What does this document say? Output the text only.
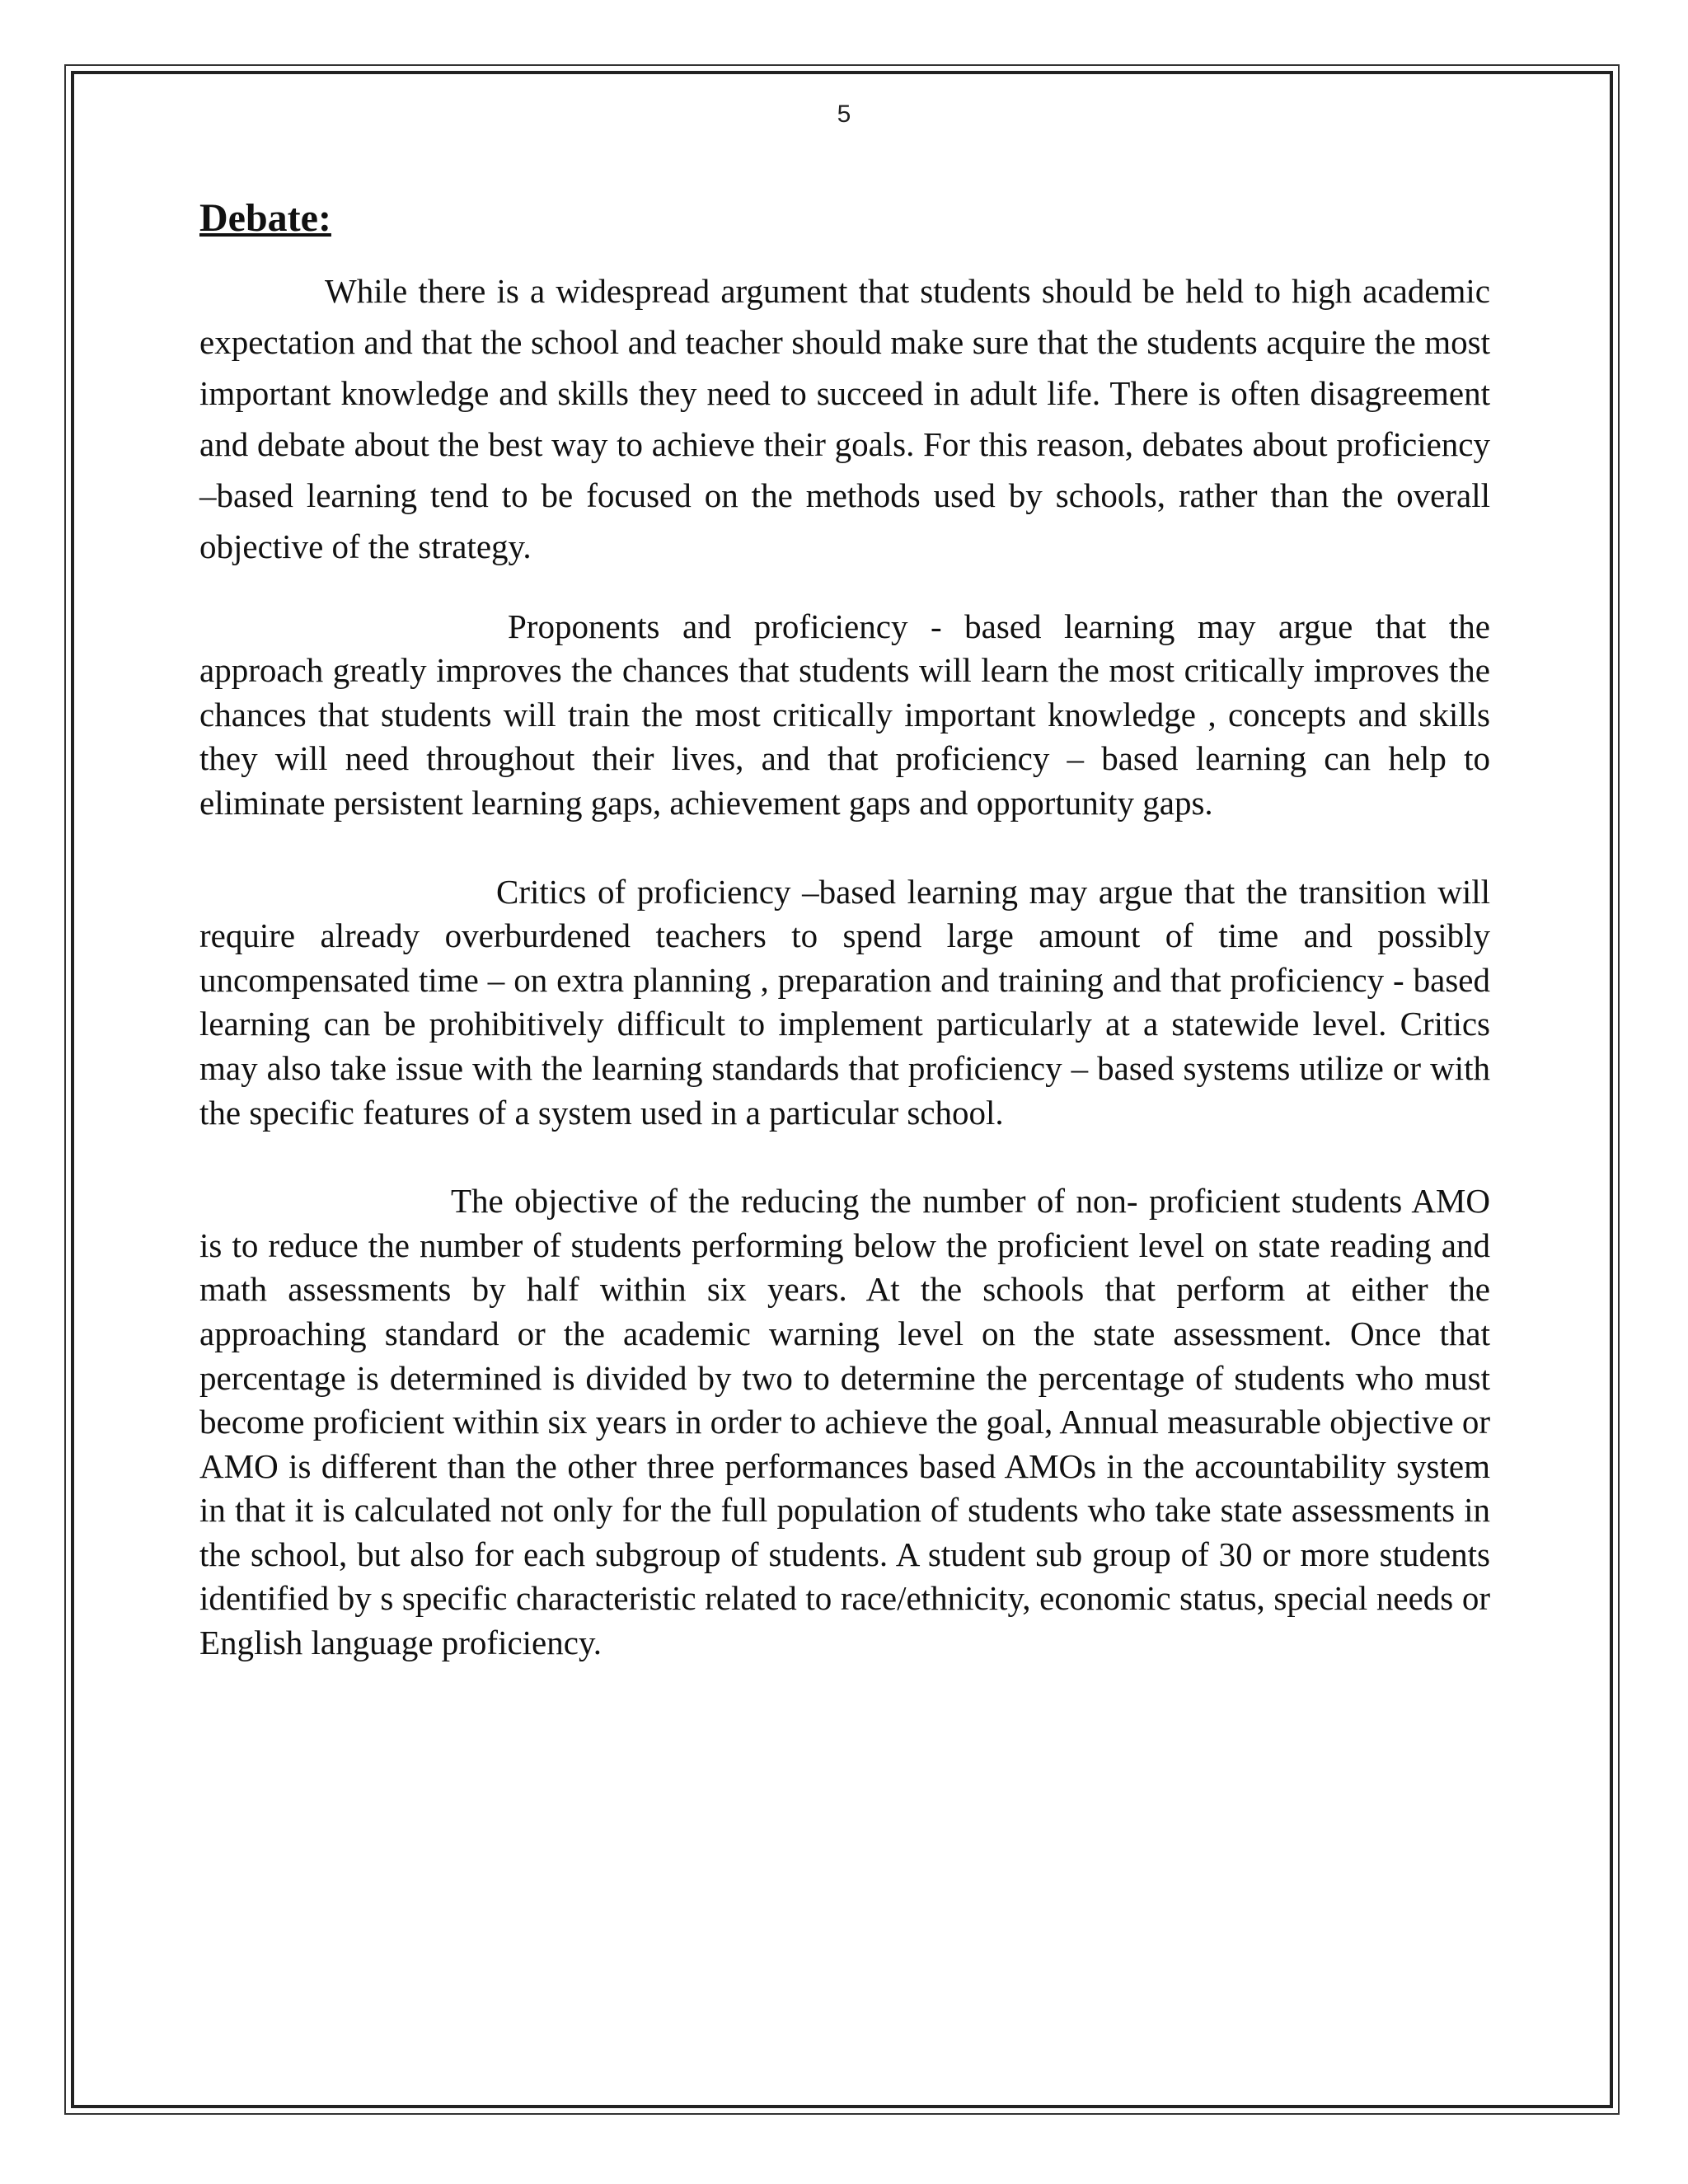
5
Debate:

While there is a widespread argument that students should be held to high academic expectation and that the school and teacher should make sure that the students acquire the most important knowledge and skills they need to succeed in adult life. There is often disagreement and debate about the best way to achieve their goals. For this reason, debates about proficiency –based learning tend to be focused on the methods used by schools, rather than the overall objective of the strategy.

Proponents and proficiency - based learning may argue that the approach greatly improves the chances that students will learn the most critically improves the chances that students will train the most critically important knowledge , concepts and skills they will need throughout their lives, and that proficiency – based learning can help to eliminate persistent learning gaps, achievement gaps and opportunity gaps.

Critics of proficiency –based learning may argue that the transition will require already overburdened teachers to spend large amount of time and possibly uncompensated time – on extra planning , preparation and training and that proficiency - based learning can be prohibitively difficult to implement particularly at a statewide level. Critics may also take issue with the learning standards that proficiency – based systems utilize or with the specific features of a system used in a particular school.

The objective of the reducing the number of non- proficient students AMO is to reduce the number of students performing below the proficient level on state reading and math assessments by half within six years. At the schools that perform at either the approaching standard or the academic warning level on the state assessment. Once that percentage is determined is divided by two to determine the percentage of students who must become proficient within six years in order to achieve the goal, Annual measurable objective or AMO is different than the other three performances based AMOs in the accountability system in that it is calculated not only for the full population of students who take state assessments in the school, but also for each subgroup of students. A student sub group of 30 or more students identified by s specific characteristic related to race/ethnicity, economic status, special needs or English language proficiency.
